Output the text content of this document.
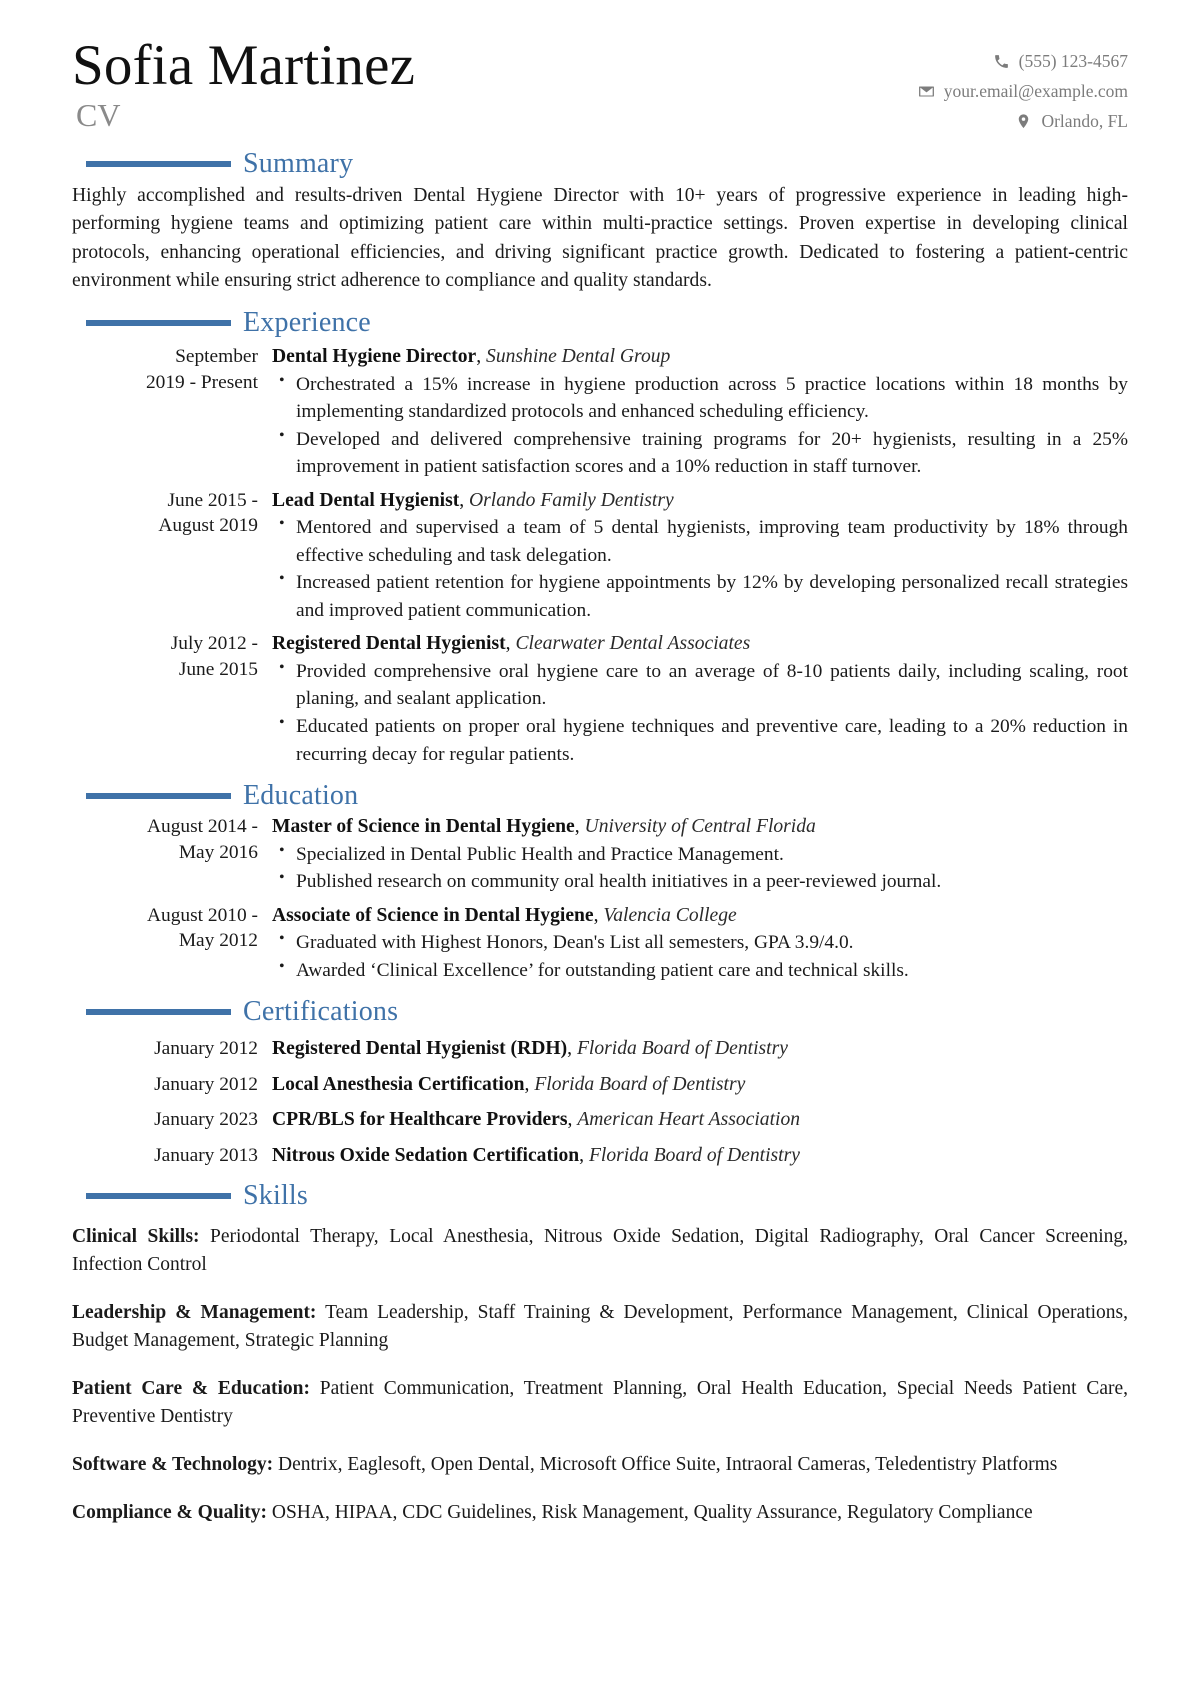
Sofia Martinez
CV
(555) 123-4567
your.email@example.com
Orlando, FL
Summary

Highly accomplished and results-driven Dental Hygiene Director with 10+ years of progressive experience in leading high-performing hygiene teams and optimizing patient care within multi-practice settings. Proven expertise in developing clinical protocols, enhancing operational efficiencies, and driving significant practice growth. Dedicated to fostering a patient-centric environment while ensuring strict adherence to compliance and quality standards.

Experience
September
2019 - Present
Dental Hygiene Director, Sunshine Dental Group
• Orchestrated a 15% increase in hygiene production across 5 practice locations within 18 months by implementing standardized protocols and enhanced scheduling efficiency.
• Developed and delivered comprehensive training programs for 20+ hygienists, resulting in a 25% improvement in patient satisfaction scores and a 10% reduction in staff turnover.
June 2015 -
August 2019
Lead Dental Hygienist, Orlando Family Dentistry
• Mentored and supervised a team of 5 dental hygienists, improving team productivity by 18% through effective scheduling and task delegation.
• Increased patient retention for hygiene appointments by 12% by developing personalized recall strategies and improved patient communication.
July 2012 -
June 2015
Registered Dental Hygienist, Clearwater Dental Associates
• Provided comprehensive oral hygiene care to an average of 8-10 patients daily, including scaling, root planing, and sealant application.
• Educated patients on proper oral hygiene techniques and preventive care, leading to a 20% reduction in recurring decay for regular patients.
Education
August 2014 -
May 2016
Master of Science in Dental Hygiene, University of Central Florida
• Specialized in Dental Public Health and Practice Management.
• Published research on community oral health initiatives in a peer-reviewed journal.
August 2010 -
May 2012
Associate of Science in Dental Hygiene, Valencia College
• Graduated with Highest Honors, Dean's List all semesters, GPA 3.9/4.0.
• Awarded ‘Clinical Excellence’ for outstanding patient care and technical skills.
Certifications
January 2012 Registered Dental Hygienist (RDH), Florida Board of Dentistry
January 2012 Local Anesthesia Certification, Florida Board of Dentistry
January 2023 CPR/BLS for Healthcare Providers, American Heart Association
January 2013 Nitrous Oxide Sedation Certification, Florida Board of Dentistry
Skills

Clinical Skills: Periodontal Therapy, Local Anesthesia, Nitrous Oxide Sedation, Digital Radiography, Oral Cancer Screening, Infection Control

Leadership & Management: Team Leadership, Staff Training & Development, Performance Management, Clinical Operations, Budget Management, Strategic Planning

Patient Care & Education: Patient Communication, Treatment Planning, Oral Health Education, Special Needs Patient Care, Preventive Dentistry

Software & Technology: Dentrix, Eaglesoft, Open Dental, Microsoft Office Suite, Intraoral Cameras, Teledentistry Platforms

Compliance & Quality: OSHA, HIPAA, CDC Guidelines, Risk Management, Quality Assurance, Regulatory Compliance
